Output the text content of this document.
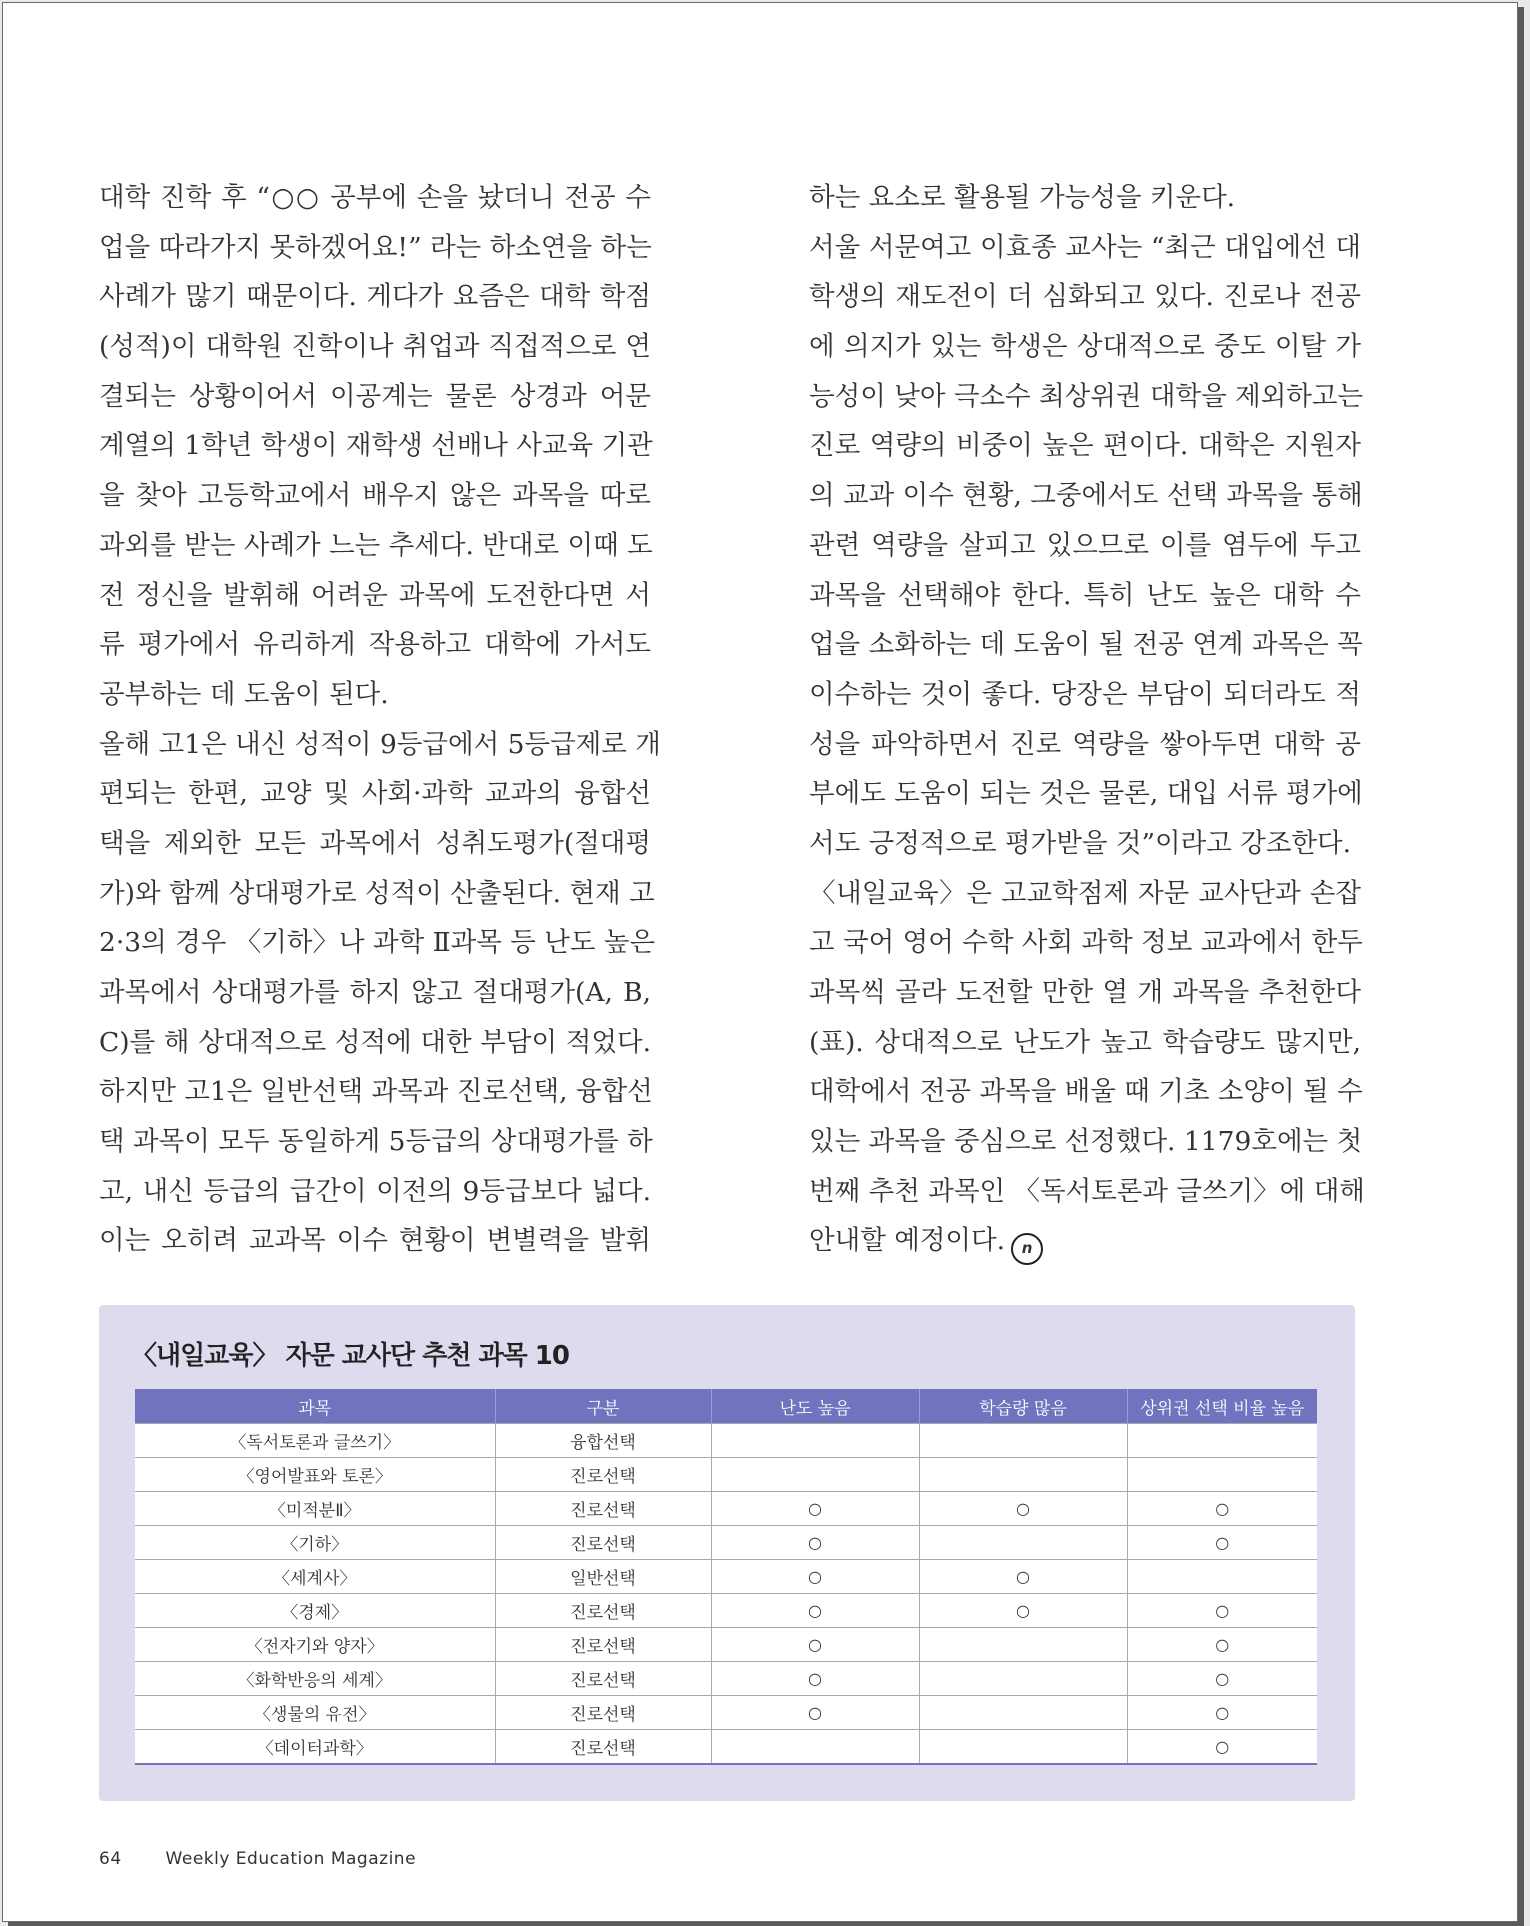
대학 진학 후 “○○ 공부에 손을 놨더니 전공 수
업을 따라가지 못하겠어요!” 라는 하소연을 하는
사례가 많기 때문이다. 게다가 요즘은 대학 학점
(성적)이 대학원 진학이나 취업과 직접적으로 연
결되는 상황이어서 이공계는 물론 상경과 어문
계열의 1학년 학생이 재학생 선배나 사교육 기관
을 찾아 고등학교에서 배우지 않은 과목을 따로
과외를 받는 사례가 느는 추세다. 반대로 이때 도
전 정신을 발휘해 어려운 과목에 도전한다면 서
류 평가에서 유리하게 작용하고 대학에 가서도
공부하는 데 도움이 된다.
올해 고1은 내신 성적이 9등급에서 5등급제로 개
편되는 한편, 교양 및 사회·과학 교과의 융합선
택을 제외한 모든 과목에서 성취도평가(절대평
가)와 함께 상대평가로 성적이 산출된다. 현재 고
2·3의 경우 〈기하〉나 과학 Ⅱ과목 등 난도 높은
과목에서 상대평가를 하지 않고 절대평가(A, B,
C)를 해 상대적으로 성적에 대한 부담이 적었다.
하지만 고1은 일반선택 과목과 진로선택, 융합선
택 과목이 모두 동일하게 5등급의 상대평가를 하
고, 내신 등급의 급간이 이전의 9등급보다 넓다.
이는 오히려 교과목 이수 현황이 변별력을 발휘
하는 요소로 활용될 가능성을 키운다.
서울 서문여고 이효종 교사는 “최근 대입에선 대
학생의 재도전이 더 심화되고 있다. 진로나 전공
에 의지가 있는 학생은 상대적으로 중도 이탈 가
능성이 낮아 극소수 최상위권 대학을 제외하고는
진로 역량의 비중이 높은 편이다. 대학은 지원자
의 교과 이수 현황, 그중에서도 선택 과목을 통해
관련 역량을 살피고 있으므로 이를 염두에 두고
과목을 선택해야 한다. 특히 난도 높은 대학 수
업을 소화하는 데 도움이 될 전공 연계 과목은 꼭
이수하는 것이 좋다. 당장은 부담이 되더라도 적
성을 파악하면서 진로 역량을 쌓아두면 대학 공
부에도 도움이 되는 것은 물론, 대입 서류 평가에
서도 긍정적으로 평가받을 것”이라고 강조한다.
〈내일교육〉은 고교학점제 자문 교사단과 손잡
고 국어 영어 수학 사회 과학 정보 교과에서 한두
과목씩 골라 도전할 만한 열 개 과목을 추천한다
(표). 상대적으로 난도가 높고 학습량도 많지만,
대학에서 전공 과목을 배울 때 기초 소양이 될 수
있는 과목을 중심으로 선정했다. 1179호에는 첫
번째 추천 과목인 〈독서토론과 글쓰기〉에 대해
안내할 예정이다. n
〈내일교육〉 자문 교사단 추천 과목 10
과목	구분	난도 높음	학습량 많음	상위권 선택 비율 높음
〈독서토론과 글쓰기〉	융합선택			
〈영어발표와 토론〉	진로선택			
〈미적분Ⅱ〉	진로선택	○	○	○
〈기하〉	진로선택	○		○
〈세계사〉	일반선택	○	○	
〈경제〉	진로선택	○	○	○
〈전자기와 양자〉	진로선택	○		○
〈화학반응의 세계〉	진로선택	○		○
〈생물의 유전〉	진로선택	○		○
〈데이터과학〉	진로선택			○
64	Weekly Education Magazine
